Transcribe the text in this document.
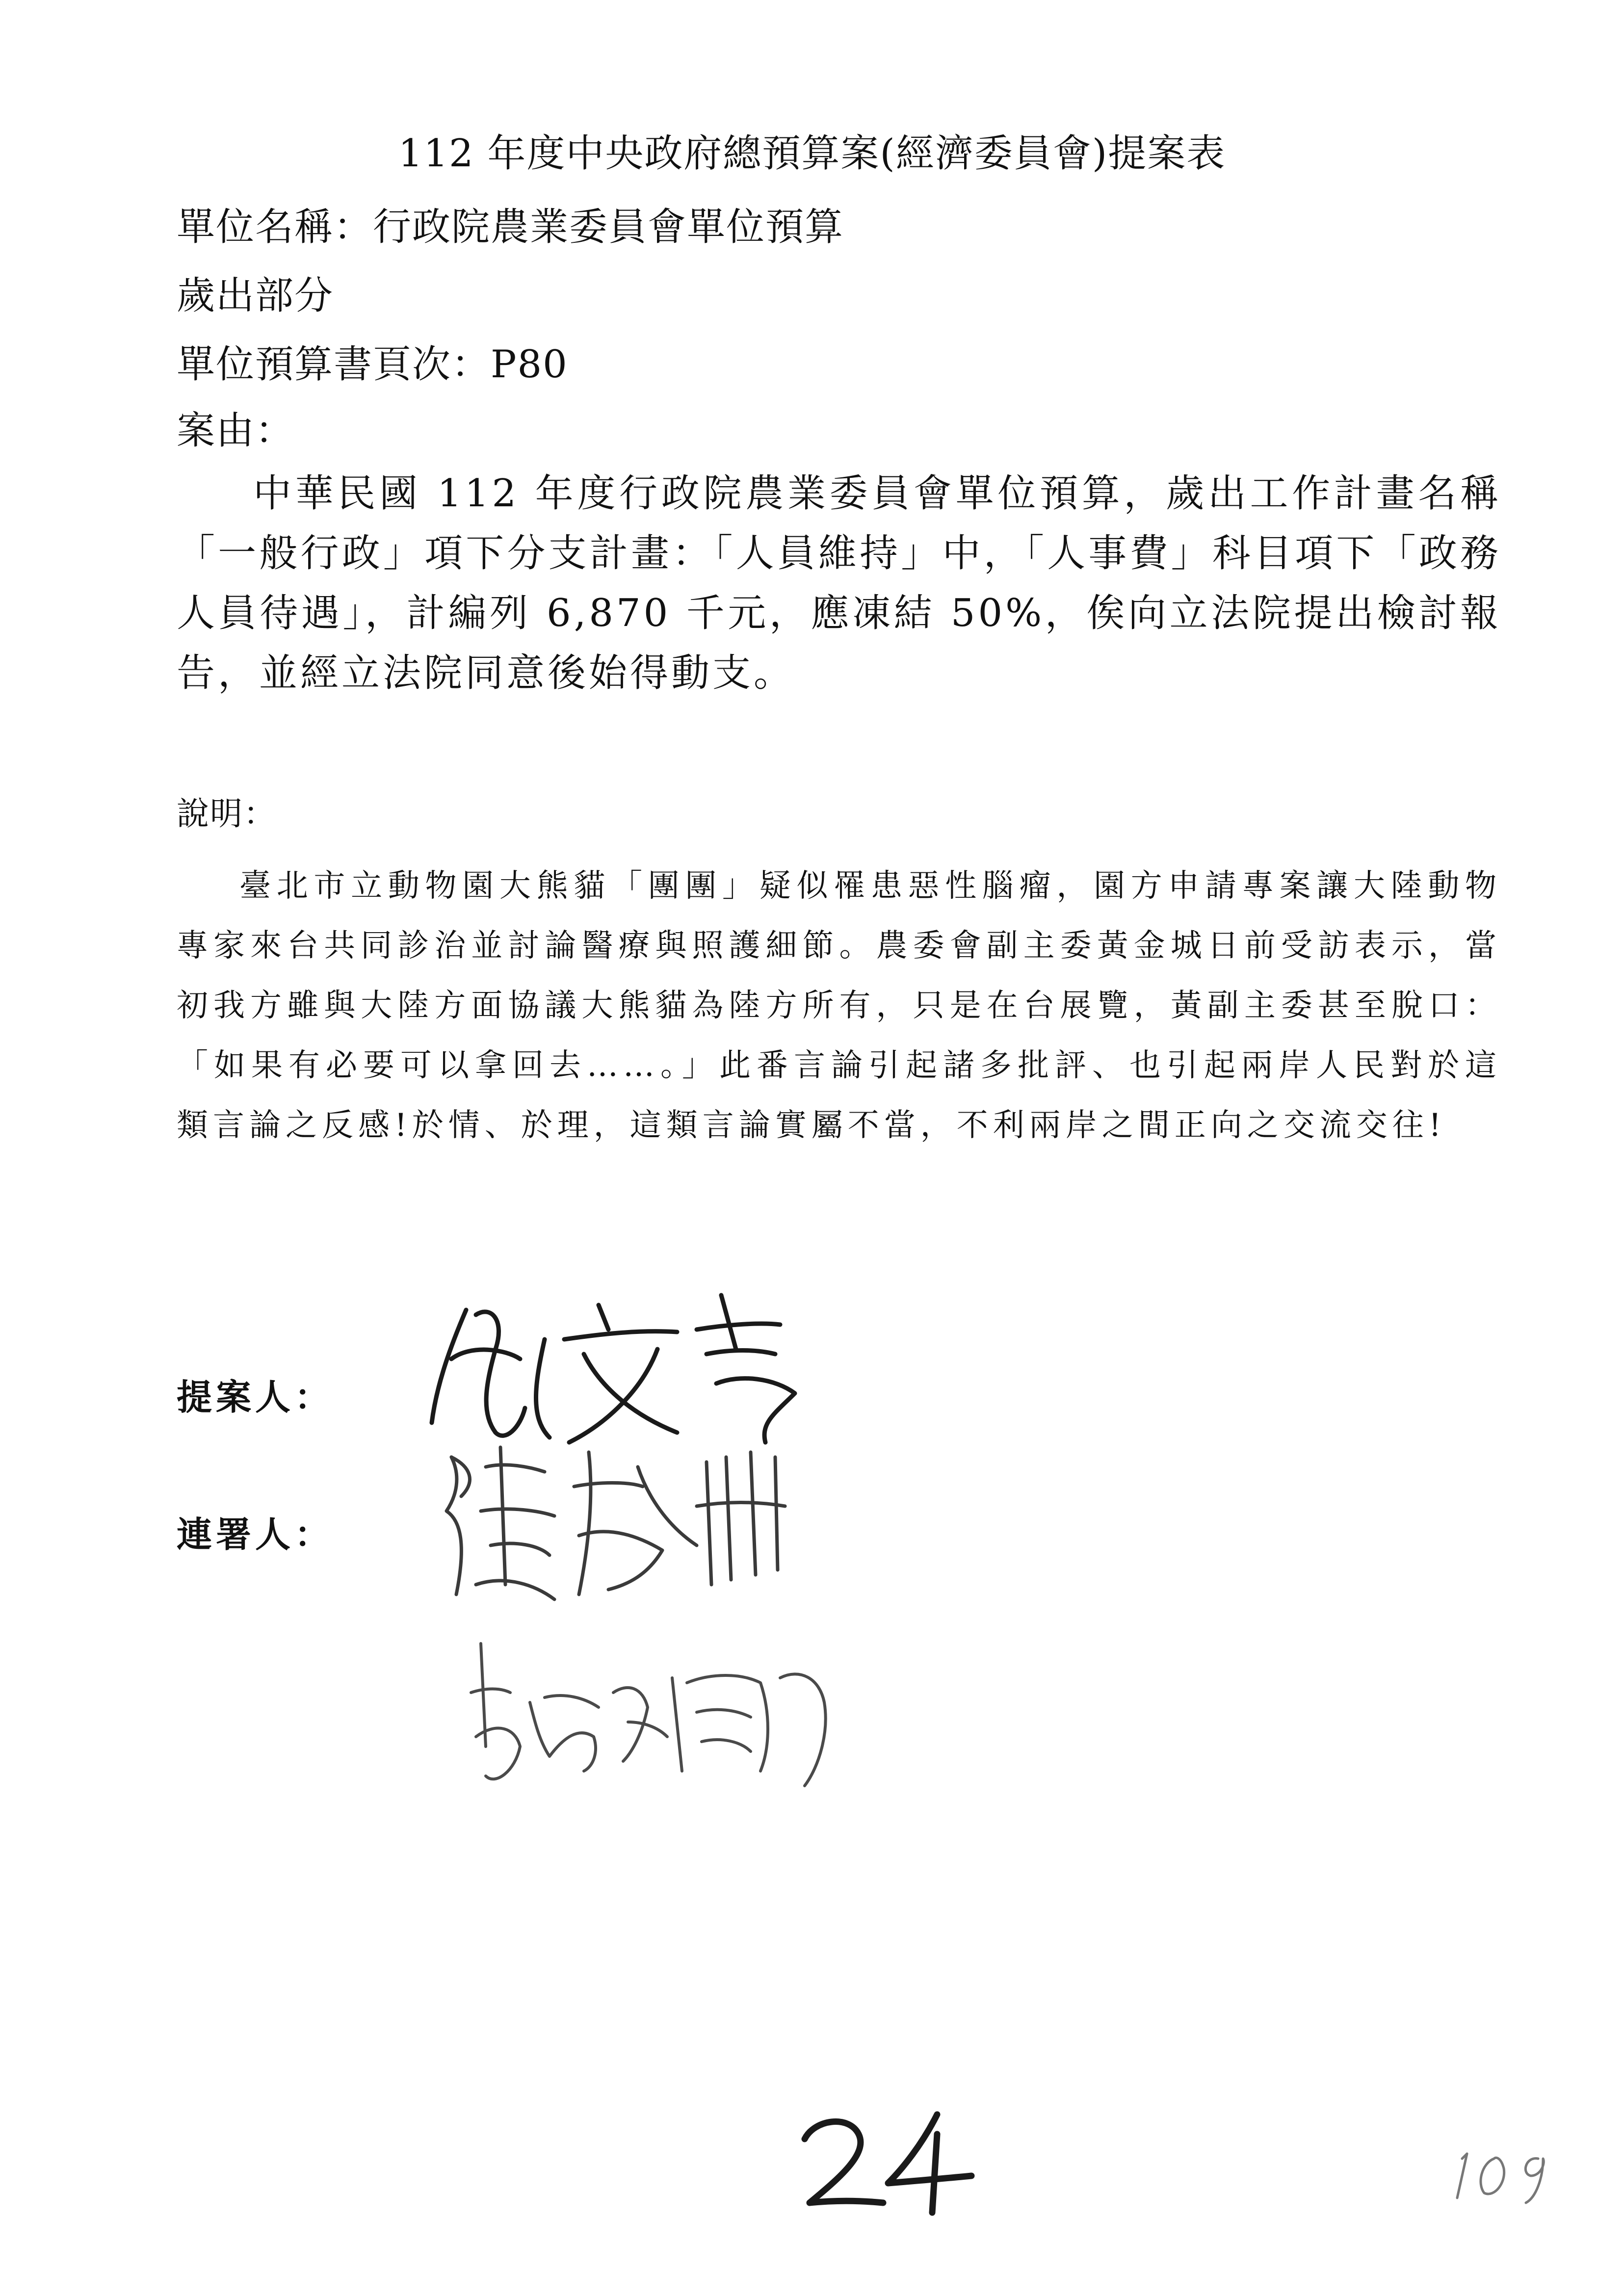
112 年度中央政府總預算案(經濟委員會)提案表
單位名稱：行政院農業委員會單位預算
歲出部分
單位預算書頁次：P80
案由：
中華民國 112 年度行政院農業委員會單位預算，歲出工作計畫名稱「一般行政」項下分支計畫：「人員維持」中，「人事費」科目項下「政務人員待遇」，計編列 6,870 千元，應凍結 50%，俟向立法院提出檢討報告，並經立法院同意後始得動支。
說明：
臺北市立動物園大熊貓「團團」疑似罹患惡性腦瘤，園方申請專案讓大陸動物專家來台共同診治並討論醫療與照護細節。農委會副主委黃金城日前受訪表示，當初我方雖與大陸方面協議大熊貓為陸方所有，只是在台展覽，黃副主委甚至脫口：「如果有必要可以拿回去……。」此番言論引起諸多批評、也引起兩岸人民對於這類言論之反感!於情、於理，這類言論實屬不當，不利兩岸之間正向之交流交往!
提案人：
連署人：
